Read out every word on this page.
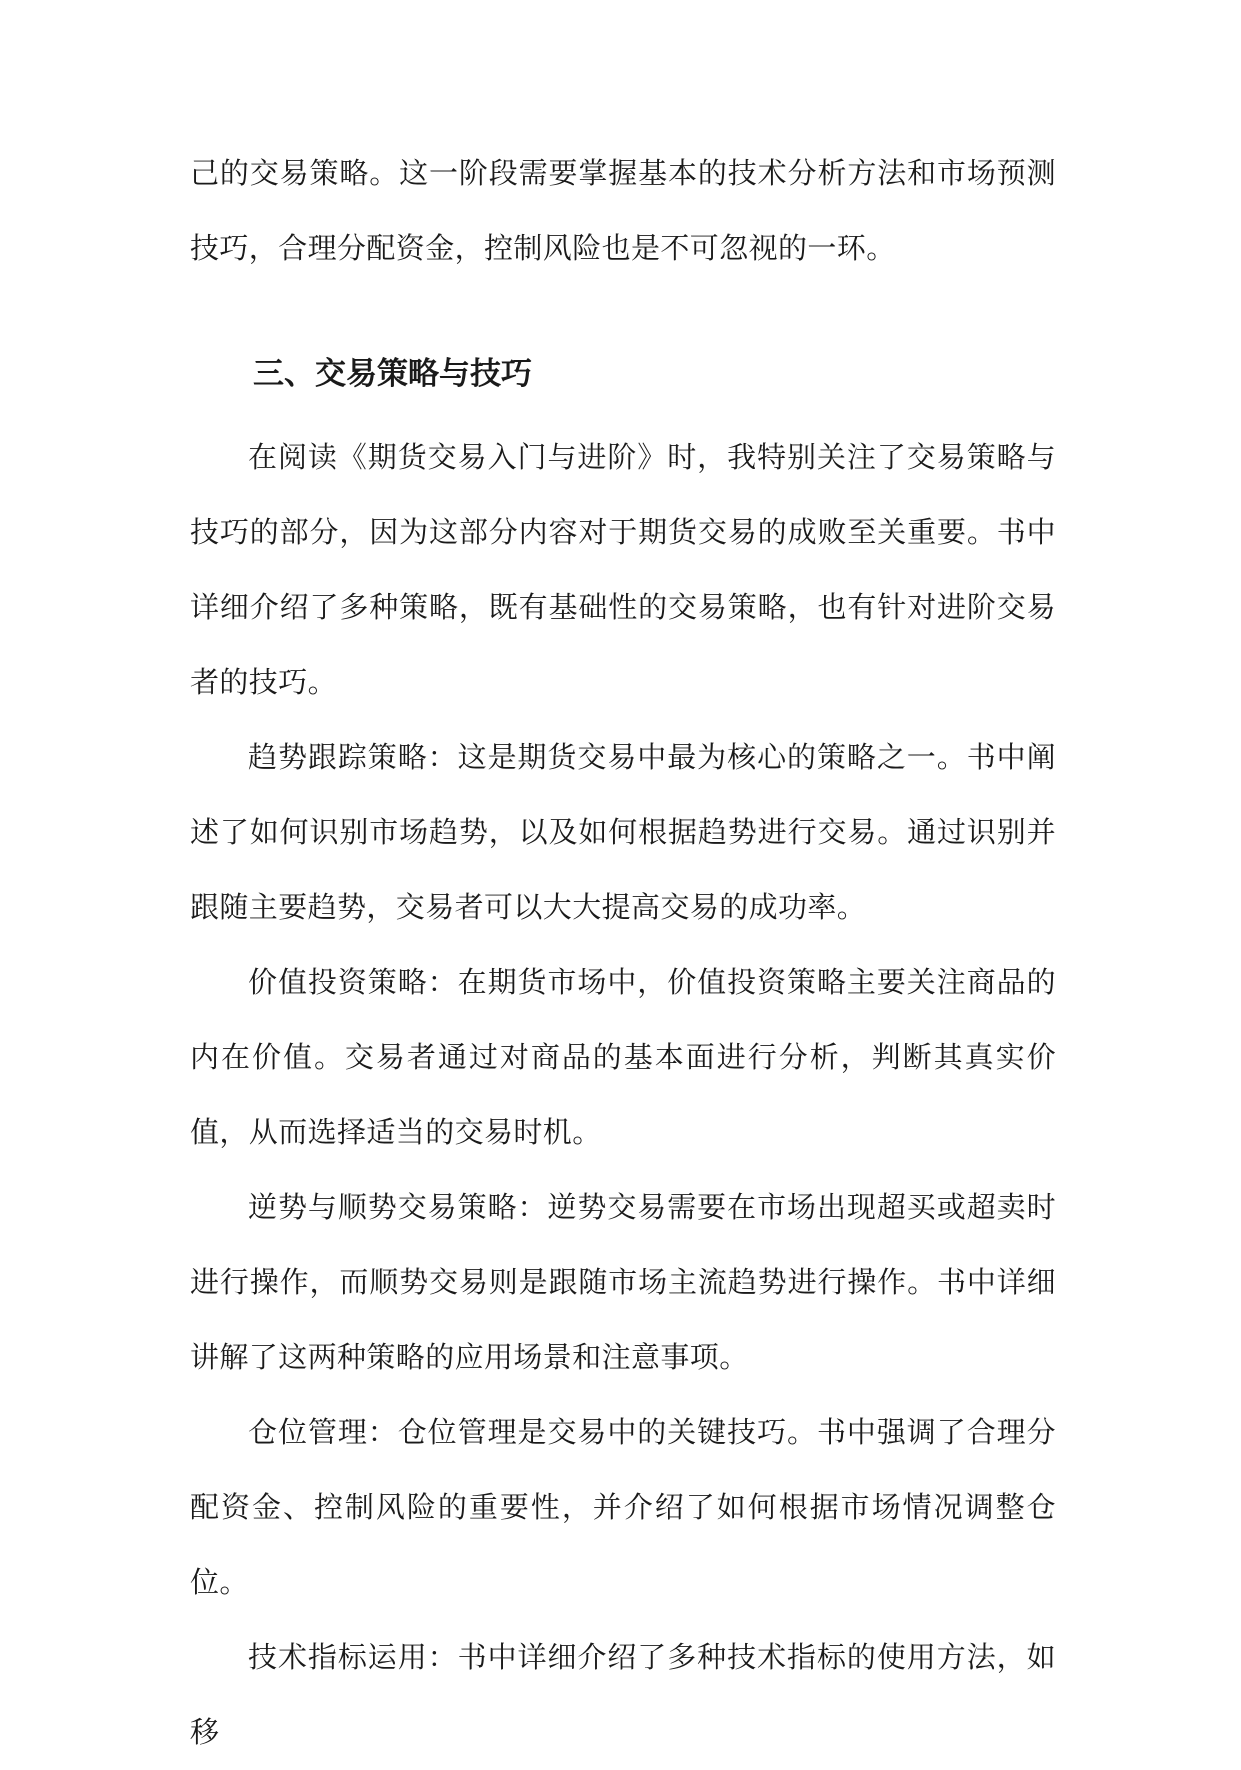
己的交易策略。这一阶段需要掌握基本的技术分析方法和市场预测技巧，合理分配资金，控制风险也是不可忽视的一环。

三、交易策略与技巧

在阅读《期货交易入门与进阶》时，我特别关注了交易策略与技巧的部分，因为这部分内容对于期货交易的成败至关重要。书中详细介绍了多种策略，既有基础性的交易策略，也有针对进阶交易者的技巧。

趋势跟踪策略：这是期货交易中最为核心的策略之一。书中阐述了如何识别市场趋势，以及如何根据趋势进行交易。通过识别并跟随主要趋势，交易者可以大大提高交易的成功率。

价值投资策略：在期货市场中，价值投资策略主要关注商品的内在价值。交易者通过对商品的基本面进行分析，判断其真实价值，从而选择适当的交易时机。

逆势与顺势交易策略：逆势交易需要在市场出现超买或超卖时进行操作，而顺势交易则是跟随市场主流趋势进行操作。书中详细讲解了这两种策略的应用场景和注意事项。

仓位管理：仓位管理是交易中的关键技巧。书中强调了合理分配资金、控制风险的重要性，并介绍了如何根据市场情况调整仓位。

技术指标运用：书中详细介绍了多种技术指标的使用方法，如移
